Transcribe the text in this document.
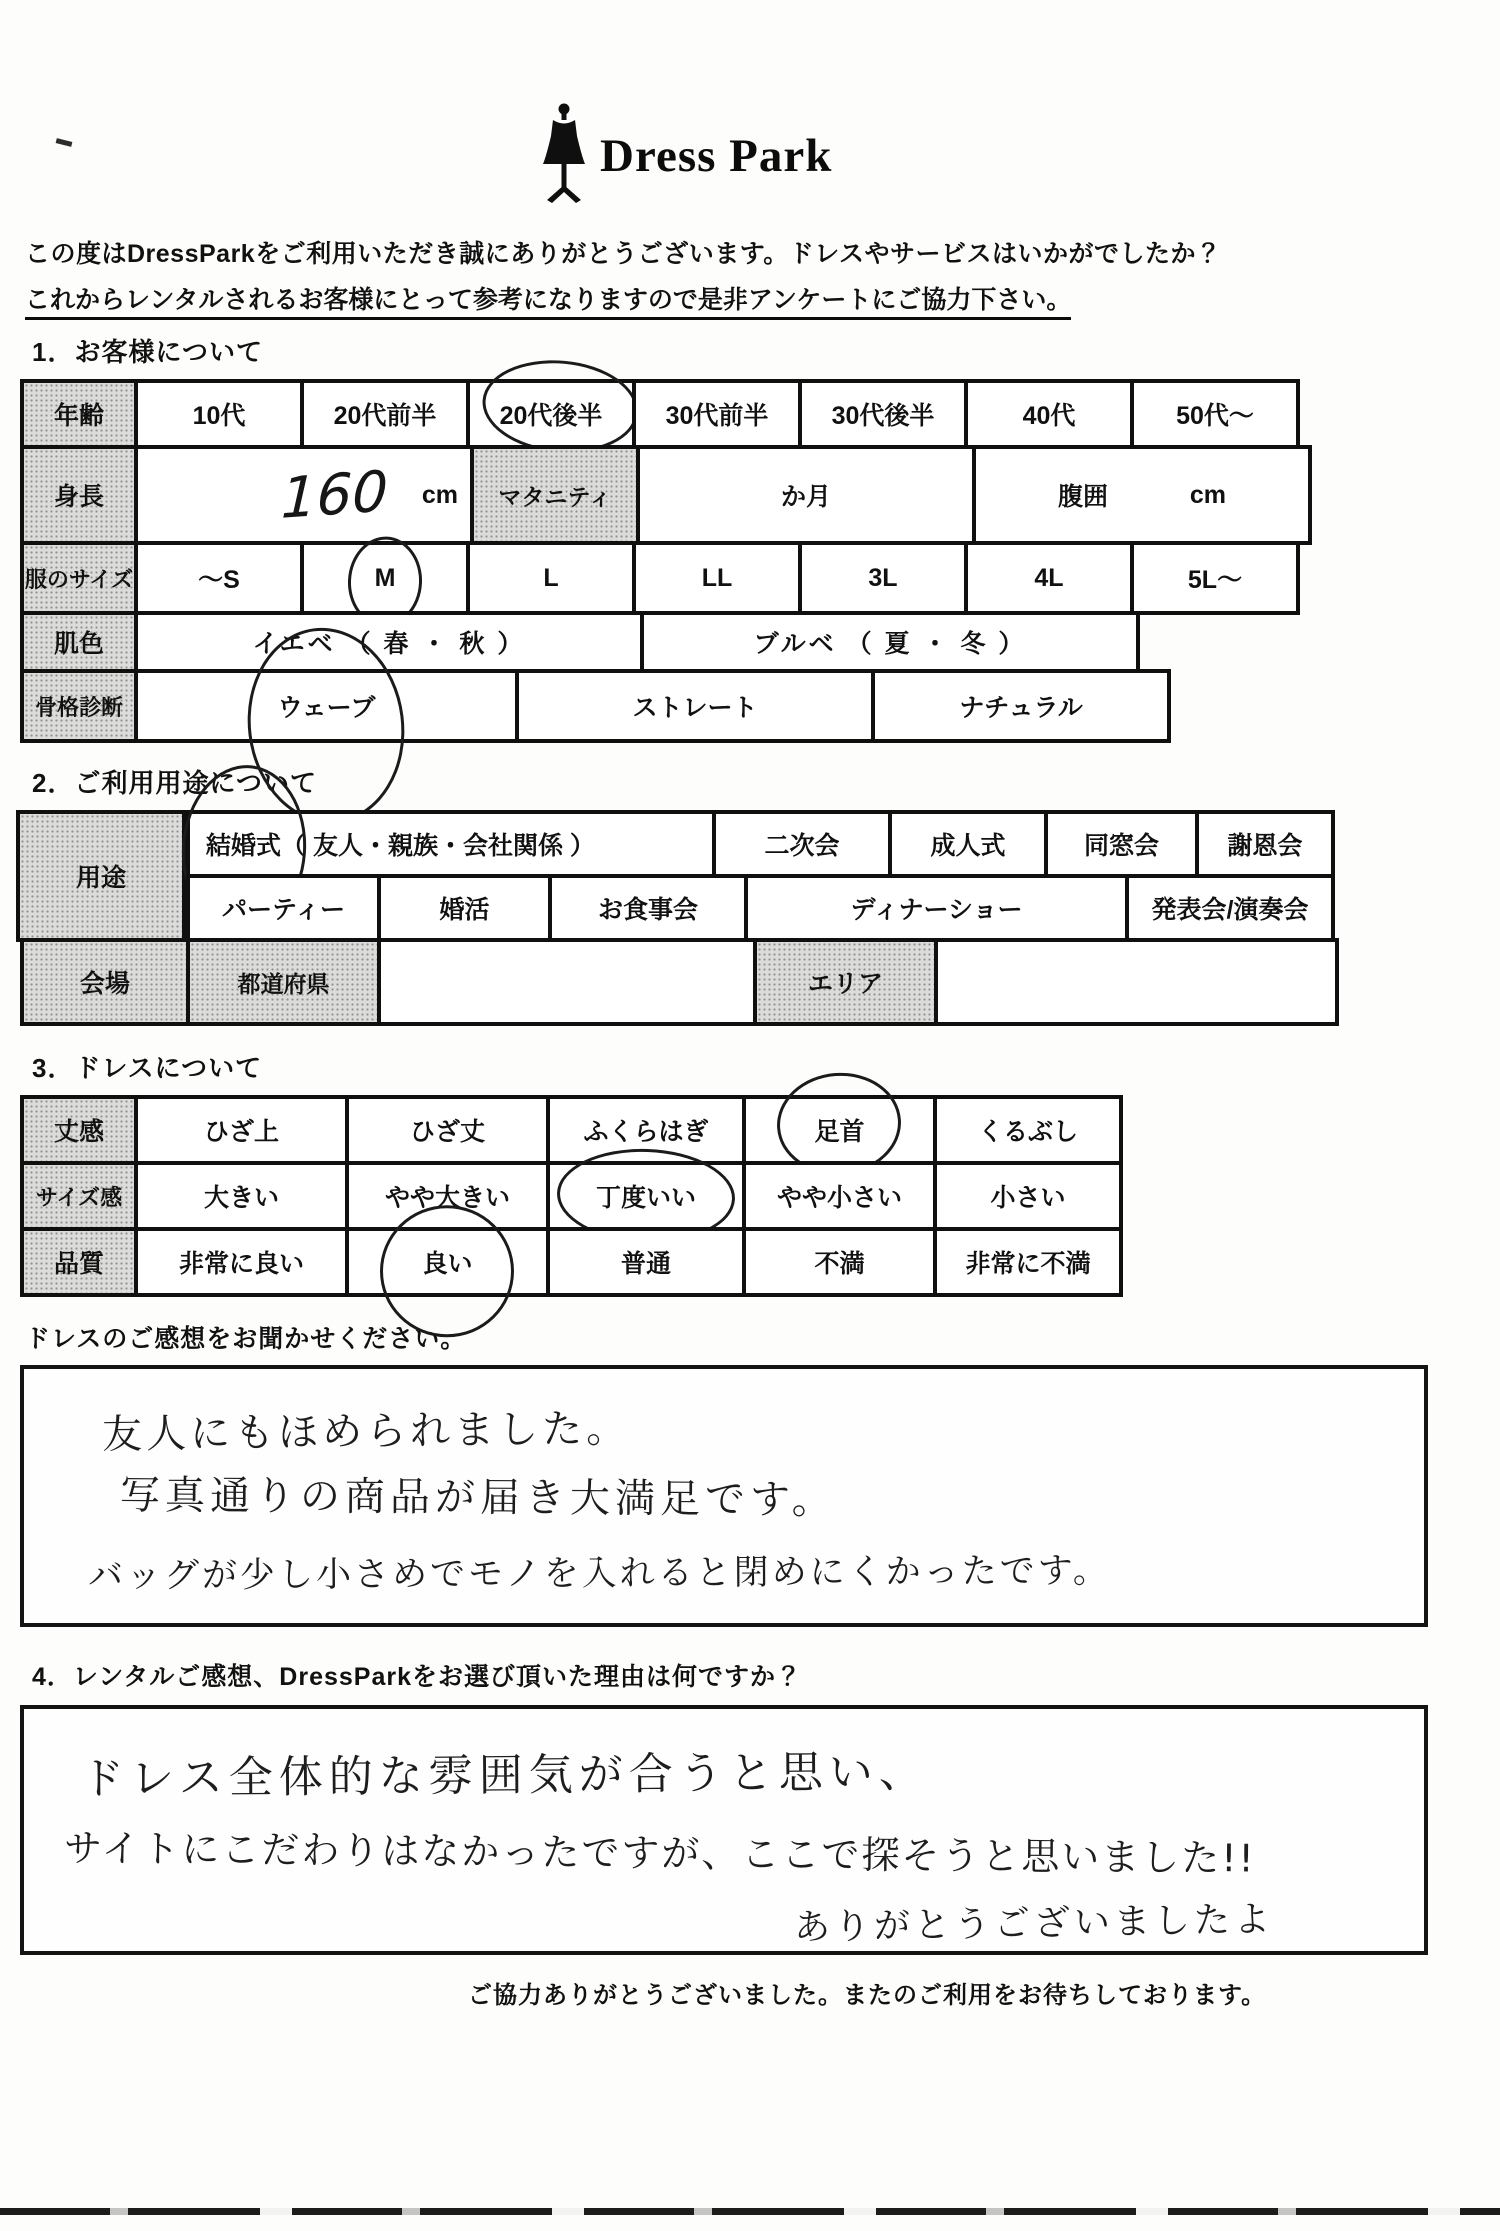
Dress Park
この度はDressParkをご利用いただき誠にありがとうございます。ドレスやサービスはいかがでしたか？
これからレンタルされるお客様にとって参考になりますので是非アンケートにご協力下さい。
1．お客様について
年齢	10代	20代前半	20代後半	30代前半	30代後半	40代	50代～
身長	160 cm	マタニティ	か月	腹囲	cm
服のサイズ	～S	M	L	LL	3L	4L	5L～
肌色	イエベ （ 春 ・ 秋 ）	ブルベ （ 夏 ・ 冬 ）
骨格診断	ウェーブ	ストレート	ナチュラル
2．ご利用用途について
用途
結婚式 （ 友人・親族・会社関係 ）	二次会	成人式	同窓会	謝恩会
パーティー	婚活	お食事会	ディナーショー	発表会/演奏会
会場	都道府県	エリア
3．ドレスについて
丈感	ひざ上	ひざ丈	ふくらはぎ	足首	くるぶし
サイズ感	大きい	やや大きい	丁度いい	やや小さい	小さい
品質	非常に良い	良い	普通	不満	非常に不満
ドレスのご感想をお聞かせください。
友人にもほめられました。
写真通りの商品が届き大満足です。
バッグが少し小さめでモノを入れると閉めにくかったです。
4．レンタルご感想、DressParkをお選び頂いた理由は何ですか？
ドレス全体的な雰囲気が合うと思い、
サイトにこだわりはなかったですが、ここで探そうと思いました!!
ありがとうございましたよ
ご協力ありがとうございました。またのご利用をお待ちしております。
